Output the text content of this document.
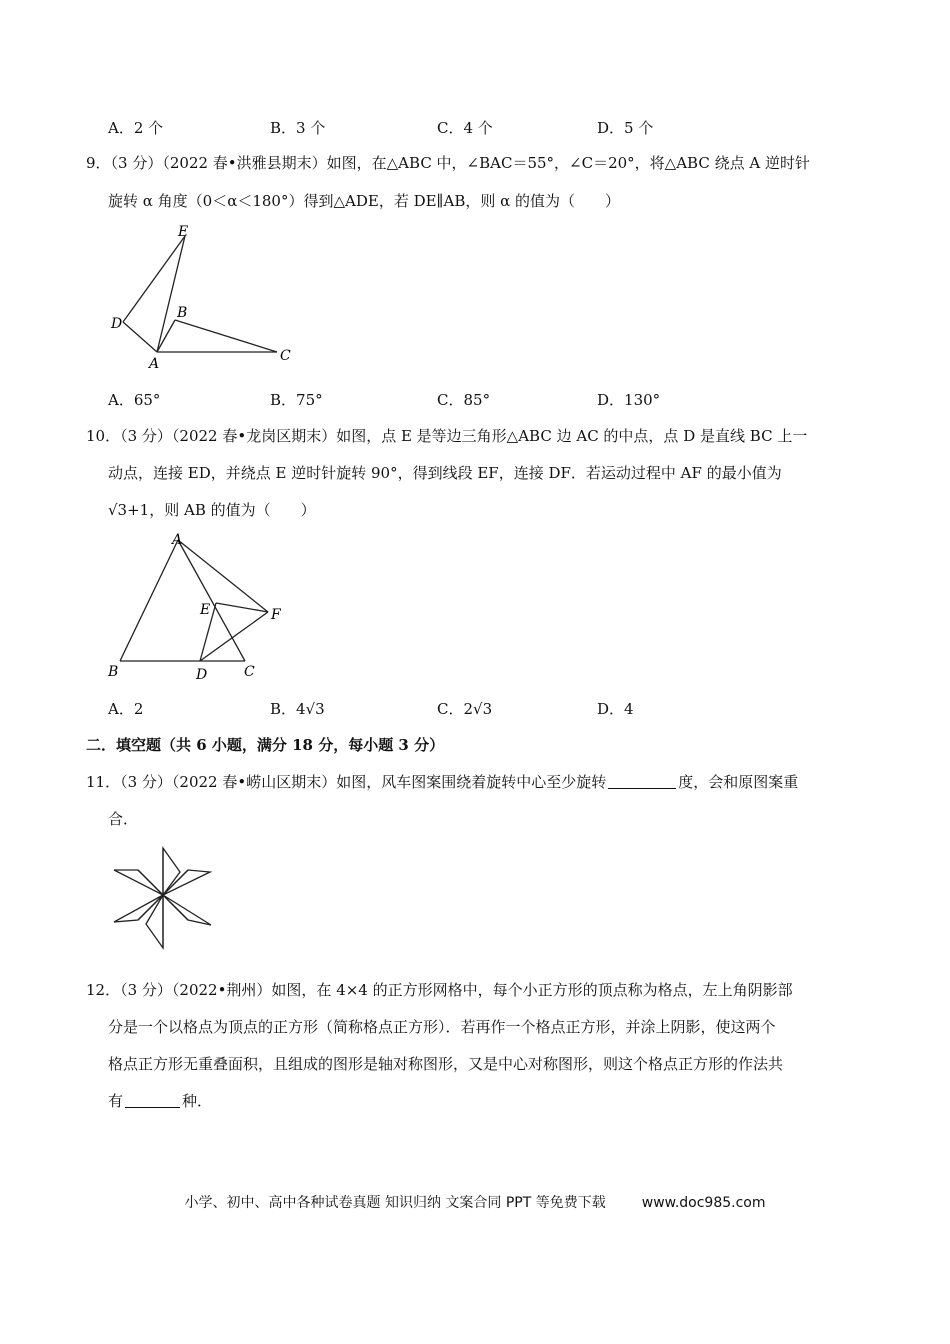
A．2 个	B．3 个	C．4 个	D．5 个
9．（3 分）（2022 春•洪雅县期末）如图，在△ABC 中，∠BAC＝55°，∠C＝20°，将△ABC 绕点 A 逆时针
旋转 α 角度（0＜α＜180°）得到△ADE，若 DE∥AB，则 α 的值为（　　）
E
D
B
A	C
A．65°	B．75°	C．85°	D．130°
10．（3 分）（2022 春•龙岗区期末）如图，点 E 是等边三角形△ABC 边 AC 的中点，点 D 是直线 BC 上一
动点，连接 ED，并绕点 E 逆时针旋转 90°，得到线段 EF，连接 DF．若运动过程中 AF 的最小值为
√3+1，则 AB 的值为（　　）
A
E	F
B	D	C
A．2	B．4√3	C．2√3	D．4
二．填空题（共 6 小题，满分 18 分，每小题 3 分）
11．（3 分）（2022 春•崂山区期末）如图，风车图案围绕着旋转中心至少旋转	度，会和原图案重
合．
12．（3 分）（2022•荆州）如图，在 4×4 的正方形网格中，每个小正方形的顶点称为格点，左上角阴影部
分是一个以格点为顶点的正方形（简称格点正方形）．若再作一个格点正方形，并涂上阴影，使这两个
格点正方形无重叠面积，且组成的图形是轴对称图形，又是中心对称图形，则这个格点正方形的作法共
有	种．
小学、初中、高中各种试卷真题 知识归纳 文案合同 PPT 等免费下载	www.doc985.com
